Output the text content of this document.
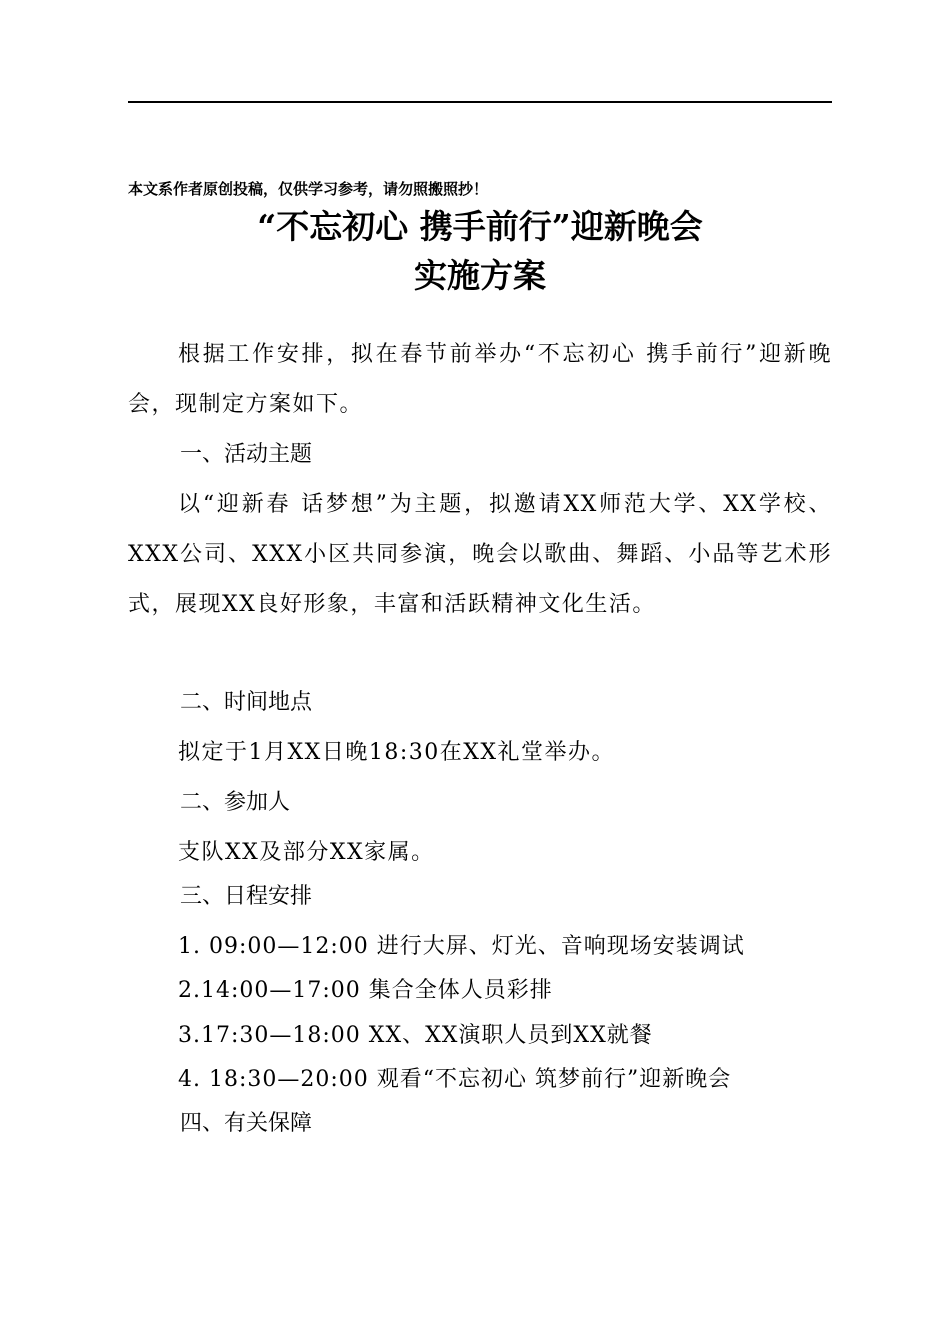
本文系作者原创投稿，仅供学习参考，请勿照搬照抄！
“不忘初心 携手前行”迎新晚会
实施方案

根据工作安排，拟在春节前举办“不忘初心 携手前行”迎新晚会，现制定方案如下。

一、活动主题

以“迎新春 话梦想”为主题，拟邀请XX师范大学、XX学校、XXX公司、XXX小区共同参演，晚会以歌曲、舞蹈、小品等艺术形式，展现XX良好形象，丰富和活跃精神文化生活。

二、时间地点

拟定于1月XX日晚18:30在XX礼堂举办。

二、参加人

支队XX及部分XX家属。

三、日程安排
1. 09:00—12:00 进行大屏、灯光、音响现场安装调试
2.14:00—17:00 集合全体人员彩排
3.17:30—18:00 XX、XX演职人员到XX就餐
4. 18:30—20:00 观看“不忘初心 筑梦前行”迎新晚会
四、有关保障
